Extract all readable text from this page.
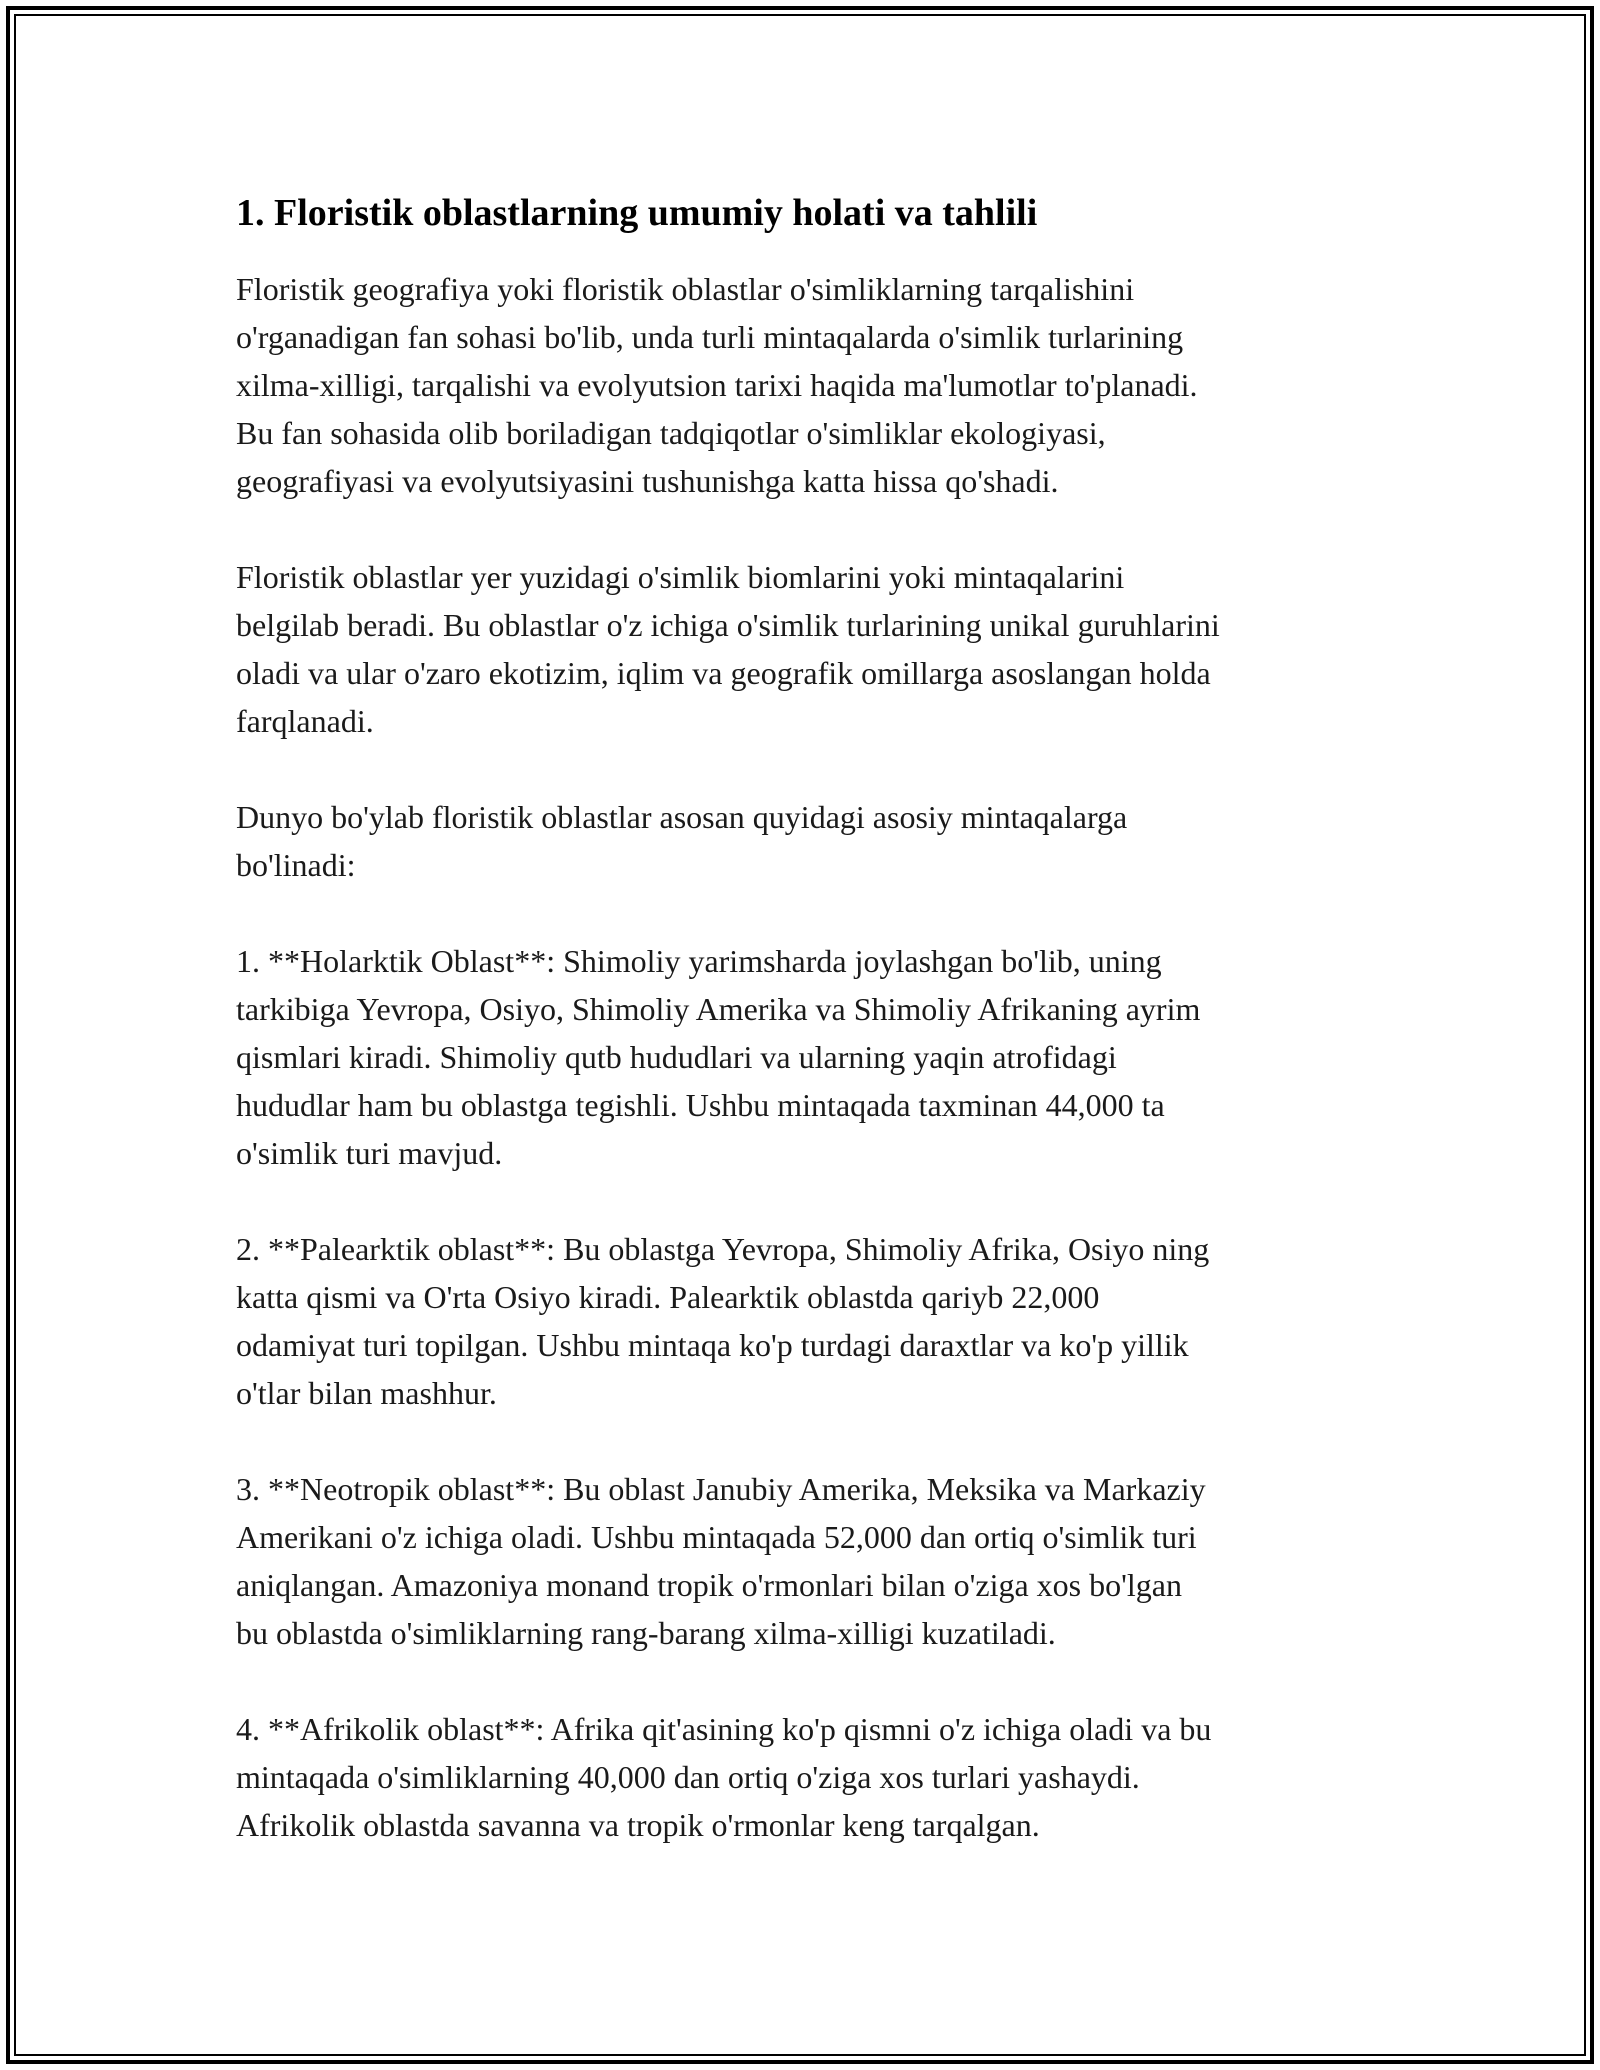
1. Floristik oblastlarning umumiy holati va tahlili

Floristik geografiya yoki floristik oblastlar o'simliklarning tarqalishini
o'rganadigan fan sohasi bo'lib, unda turli mintaqalarda o'simlik turlarining
xilma-xilligi, tarqalishi va evolyutsion tarixi haqida ma'lumotlar to'planadi.
Bu fan sohasida olib boriladigan tadqiqotlar o'simliklar ekologiyasi,
geografiyasi va evolyutsiyasini tushunishga katta hissa qo'shadi.

Floristik oblastlar yer yuzidagi o'simlik biomlarini yoki mintaqalarini
belgilab beradi. Bu oblastlar o'z ichiga o'simlik turlarining unikal guruhlarini
oladi va ular o'zaro ekotizim, iqlim va geografik omillarga asoslangan holda
farqlanadi.

Dunyo bo'ylab floristik oblastlar asosan quyidagi asosiy mintaqalarga
bo'linadi:

1. **Holarktik Oblast**: Shimoliy yarimsharda joylashgan bo'lib, uning
tarkibiga Yevropa, Osiyo, Shimoliy Amerika va Shimoliy Afrikaning ayrim
qismlari kiradi. Shimoliy qutb hududlari va ularning yaqin atrofidagi
hududlar ham bu oblastga tegishli. Ushbu mintaqada taxminan 44,000 ta
o'simlik turi mavjud.

2. **Palearktik oblast**: Bu oblastga Yevropa, Shimoliy Afrika, Osiyo ning
katta qismi va O'rta Osiyo kiradi. Palearktik oblastda qariyb 22,000
odamiyat turi topilgan. Ushbu mintaqa ko'p turdagi daraxtlar va ko'p yillik
o'tlar bilan mashhur.

3. **Neotropik oblast**: Bu oblast Janubiy Amerika, Meksika va Markaziy
Amerikani o'z ichiga oladi. Ushbu mintaqada 52,000 dan ortiq o'simlik turi
aniqlangan. Amazoniya monand tropik o'rmonlari bilan o'ziga xos bo'lgan
bu oblastda o'simliklarning rang-barang xilma-xilligi kuzatiladi.

4. **Afrikolik oblast**: Afrika qit'asining ko'p qismni o'z ichiga oladi va bu
mintaqada o'simliklarning 40,000 dan ortiq o'ziga xos turlari yashaydi.
Afrikolik oblastda savanna va tropik o'rmonlar keng tarqalgan.
